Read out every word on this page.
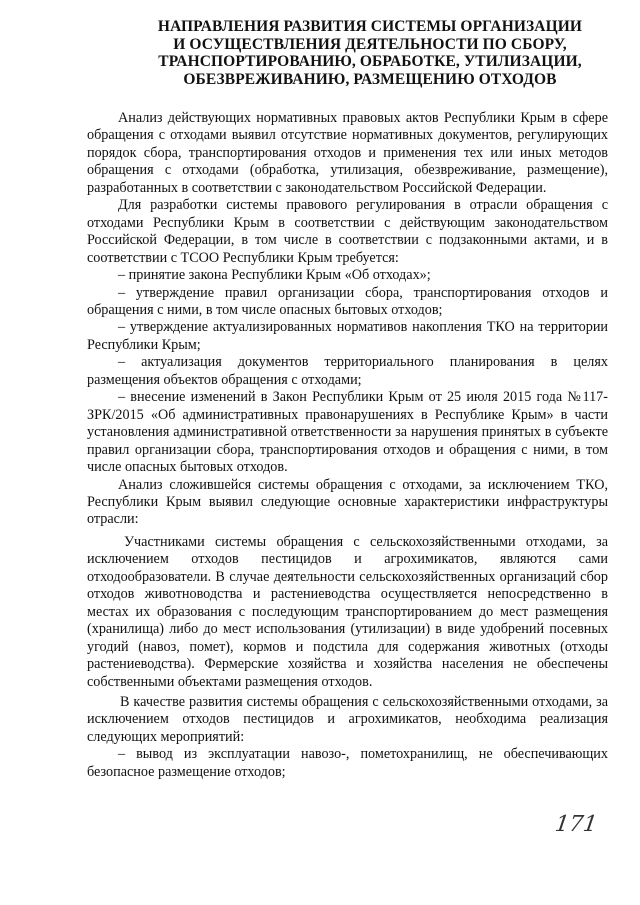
НАПРАВЛЕНИЯ РАЗВИТИЯ СИСТЕМЫ ОРГАНИЗАЦИИ
И ОСУЩЕСТВЛЕНИЯ ДЕЯТЕЛЬНОСТИ ПО СБОРУ,
ТРАНСПОРТИРОВАНИЮ, ОБРАБОТКЕ, УТИЛИЗАЦИИ,
ОБЕЗВРЕЖИВАНИЮ, РАЗМЕЩЕНИЮ ОТХОДОВ

Анализ действующих нормативных правовых актов Республики Крым в сфере обращения с отходами выявил отсутствие нормативных документов, регулирующих порядок сбора, транспортирования отходов и применения тех или иных методов обращения с отходами (обработка, утилизация, обезвреживание, размещение), разработанных в соответствии с законодательством Российской Федерации.

Для разработки системы правового регулирования в отрасли обращения с отходами Республики Крым в соответствии с действующим законодательством Российской Федерации, в том числе в соответствии с подзаконными актами, и в соответствии с ТСОО Республики Крым требуется:

– принятие закона Республики Крым «Об отходах»;

– утверждение правил организации сбора, транспортирования отходов и обращения с ними, в том числе опасных бытовых отходов;

– утверждение актуализированных нормативов накопления ТКО на территории Республики Крым;

– актуализация документов территориального планирования в целях размещения объектов обращения с отходами;

– внесение изменений в Закон Республики Крым от 25 июля 2015 года №117-ЗРК/2015 «Об административных правонарушениях в Республике Крым» в части установления административной ответственности за нарушения принятых в субъекте правил организации сбора, транспортирования отходов и обращения с ними, в том числе опасных бытовых отходов.

Анализ сложившейся системы обращения с отходами, за исключением ТКО, Республики Крым выявил следующие основные характеристики инфраструктуры отрасли:

Участниками системы обращения с сельскохозяйственными отходами, за исключением отходов пестицидов и агрохимикатов, являются сами отходообразователи. В случае деятельности сельскохозяйственных организаций сбор отходов животноводства и растениеводства осуществляется непосредственно в местах их образования с последующим транспортированием до мест размещения (хранилища) либо до мест использования (утилизации) в виде удобрений посевных угодий (навоз, помет), кормов и подстила для содержания животных (отходы растениеводства). Фермерские хозяйства и хозяйства населения не обеспечены собственными объектами размещения отходов.

В качестве развития системы обращения с сельскохозяйственными отходами, за исключением отходов пестицидов и агрохимикатов, необходима реализация следующих мероприятий:

– вывод из эксплуатации навозо-, пометохранилищ, не обеспечивающих безопасное размещение отходов;

171
